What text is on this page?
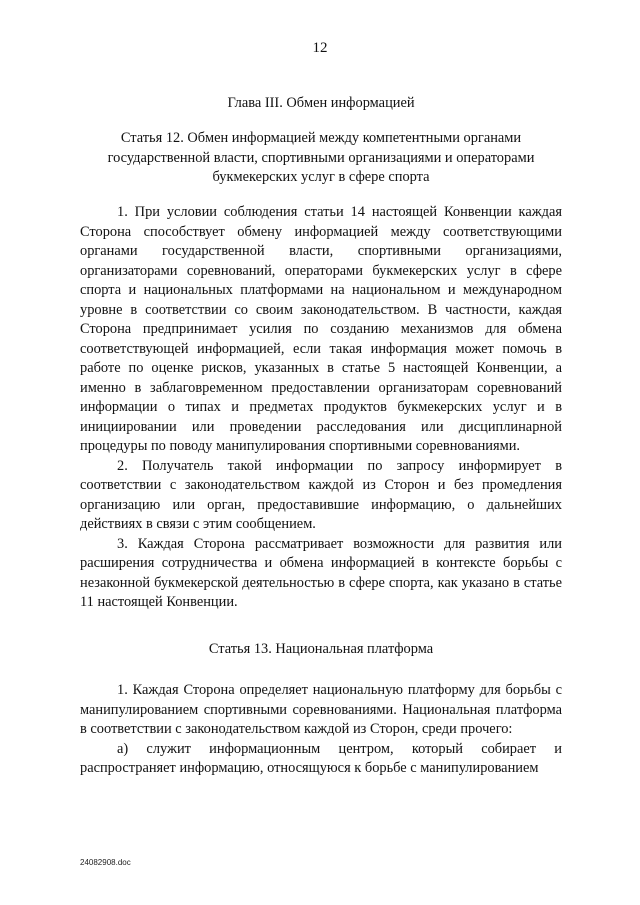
12
Глава III. Обмен информацией
Статья 12. Обмен информацией между компетентными органами государственной власти, спортивными организациями и операторами букмекерских услуг в сфере спорта

1. При условии соблюдения статьи 14 настоящей Конвенции каждая Сторона способствует обмену информацией между соответствующими органами государственной власти, спортивными организациями, организаторами соревнований, операторами букмекерских услуг в сфере спорта и национальных платформами на национальном и международном уровне в соответствии со своим законодательством. В частности, каждая Сторона предпринимает усилия по созданию механизмов для обмена соответствующей информацией, если такая информация может помочь в работе по оценке рисков, указанных в статье 5 настоящей Конвенции, а именно в заблаговременном предоставлении организаторам соревнований информации о типах и предметах продуктов букмекерских услуг и в инициировании или проведении расследования или дисциплинарной процедуры по поводу манипулирования спортивными соревнованиями.

2. Получатель такой информации по запросу информирует в соответствии с законодательством каждой из Сторон и без промедления организацию или орган, предоставившие информацию, о дальнейших действиях в связи с этим сообщением.

3. Каждая Сторона рассматривает возможности для развития или расширения сотрудничества и обмена информацией в контексте борьбы с незаконной букмекерской деятельностью в сфере спорта, как указано в статье 11 настоящей Конвенции.

Статья 13. Национальная платформа

1. Каждая Сторона определяет национальную платформу для борьбы с манипулированием спортивными соревнованиями. Национальная платформа в соответствии с законодательством каждой из Сторон, среди прочего:

а) служит информационным центром, который собирает и распространяет информацию, относящуюся к борьбе с манипулированием

24082908.doc
